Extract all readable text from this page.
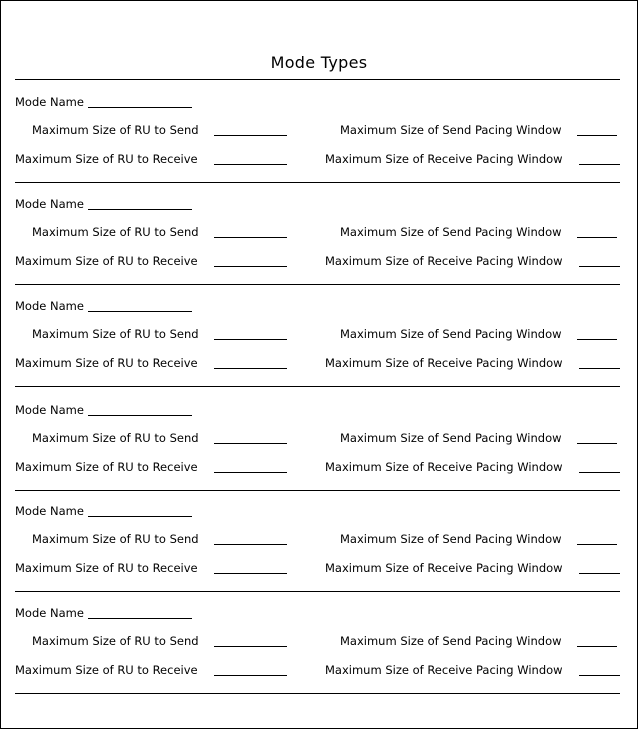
Mode Types
Mode Name
Maximum Size of RU to Send
Maximum Size of RU to Receive
Maximum Size of Send Pacing Window
Maximum Size of Receive Pacing Window
Mode Name
Maximum Size of RU to Send
Maximum Size of RU to Receive
Maximum Size of Send Pacing Window
Maximum Size of Receive Pacing Window
Mode Name
Maximum Size of RU to Send
Maximum Size of RU to Receive
Maximum Size of Send Pacing Window
Maximum Size of Receive Pacing Window
Mode Name
Maximum Size of RU to Send
Maximum Size of RU to Receive
Maximum Size of Send Pacing Window
Maximum Size of Receive Pacing Window
Mode Name
Maximum Size of RU to Send
Maximum Size of RU to Receive
Maximum Size of Send Pacing Window
Maximum Size of Receive Pacing Window
Mode Name
Maximum Size of RU to Send
Maximum Size of RU to Receive
Maximum Size of Send Pacing Window
Maximum Size of Receive Pacing Window
